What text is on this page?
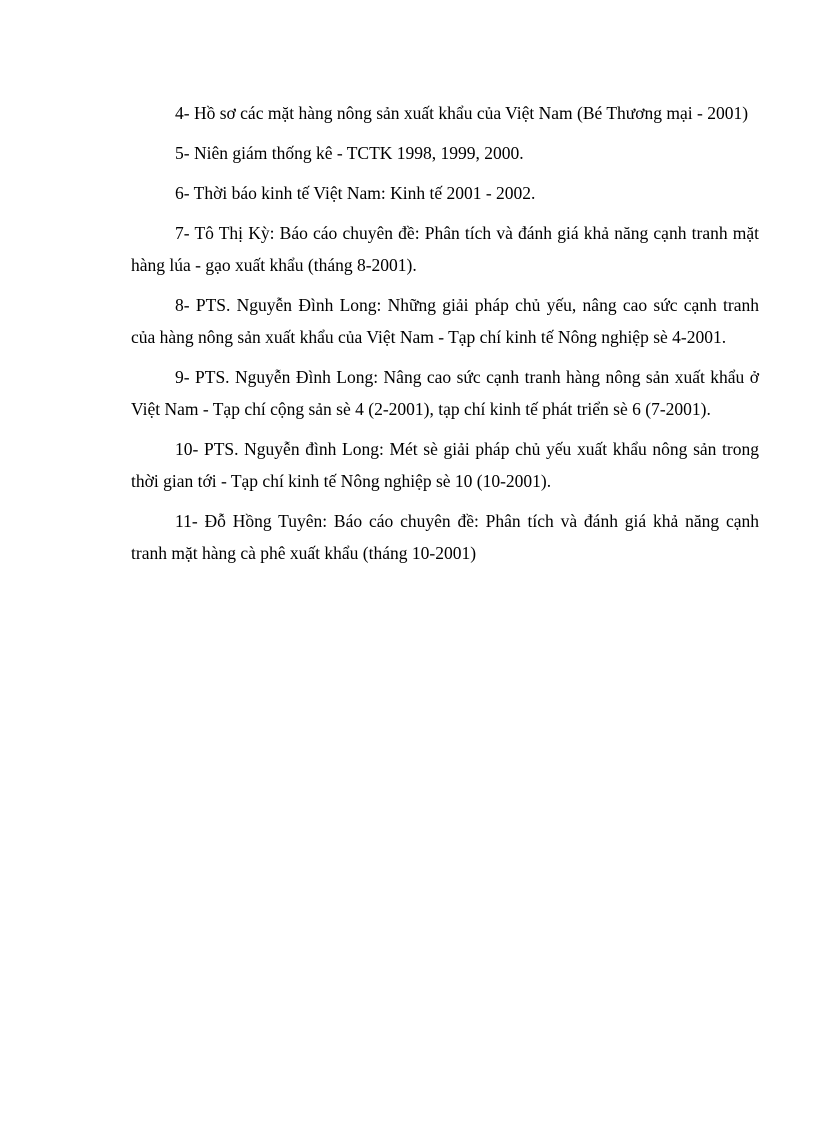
4- Hồ sơ các mặt hàng nông sản xuất khẩu của Việt Nam (Bé Thương mại - 2001)

5- Niên giám thống kê - TCTK 1998, 1999, 2000.

6- Thời báo kinh tế Việt Nam: Kinh tế 2001 - 2002.

7- Tô Thị Kỳ: Báo cáo chuyên đề: Phân tích và đánh giá khả năng cạnh tranh mặt hàng lúa - gạo xuất khẩu (tháng 8-2001).

8- PTS. Nguyễn Đình Long: Những giải pháp chủ yếu, nâng cao sức cạnh tranh của hàng nông sản xuất khẩu của Việt Nam - Tạp chí kinh tế Nông nghiệp sè 4-2001.

9- PTS. Nguyễn Đình Long: Nâng cao sức cạnh tranh hàng nông sản xuất khẩu ở Việt Nam - Tạp chí cộng sản sè 4 (2-2001), tạp chí kinh tế phát triển sè 6 (7-2001).

10- PTS. Nguyễn đình Long: Mét sè giải pháp chủ yếu xuất khẩu nông sản trong thời gian tới - Tạp chí kinh tế Nông nghiệp sè 10 (10-2001).

11- Đỗ Hồng Tuyên: Báo cáo chuyên đề: Phân tích và đánh giá khả năng cạnh tranh mặt hàng cà phê xuất khẩu (tháng 10-2001)
